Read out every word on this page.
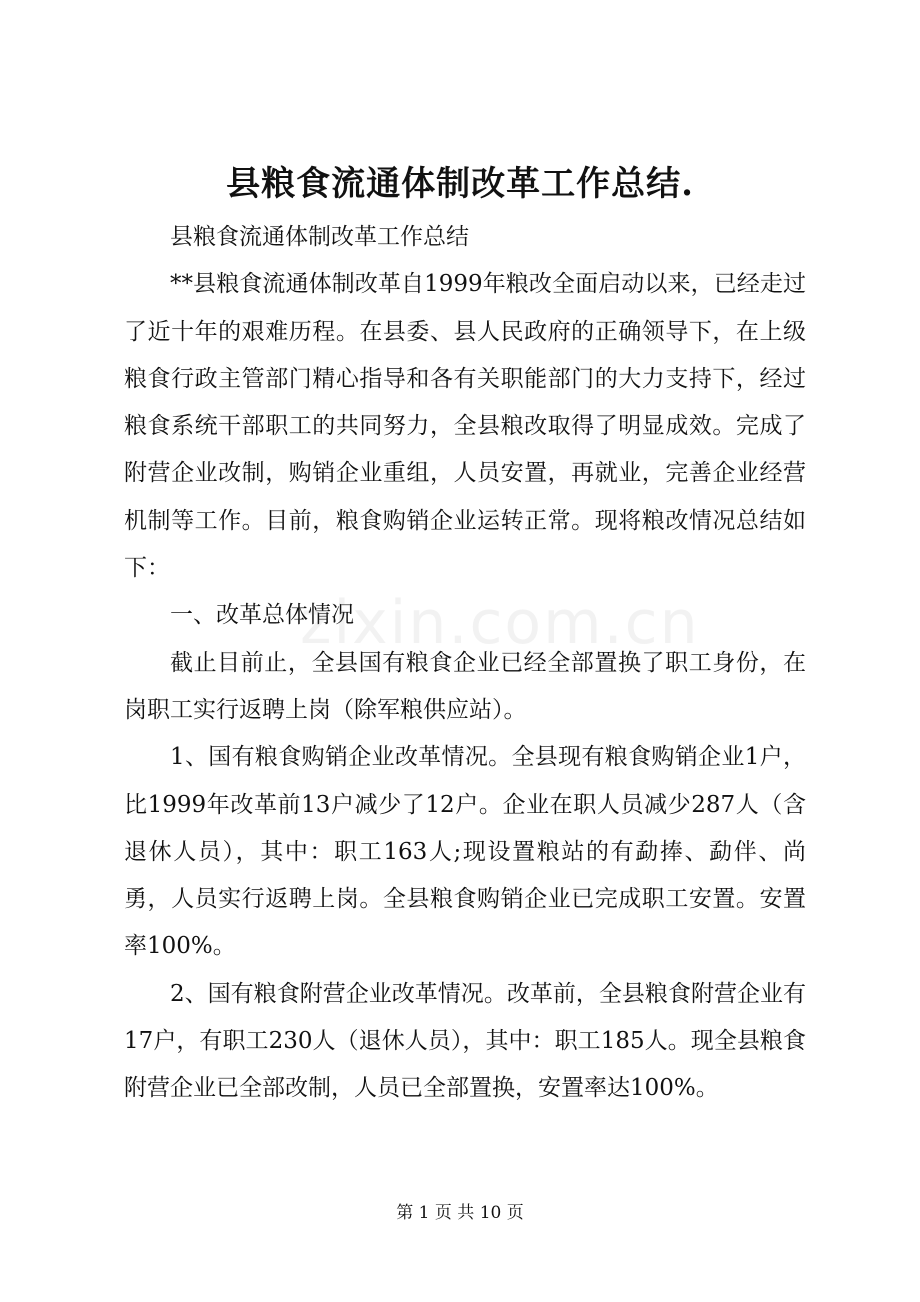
县粮食流通体制改革工作总结.

县粮食流通体制改革工作总结

**县粮食流通体制改革自1999年粮改全面启动以来，已经走过了近十年的艰难历程。在县委、县人民政府的正确领导下，在上级粮食行政主管部门精心指导和各有关职能部门的大力支持下，经过粮食系统干部职工的共同努力，全县粮改取得了明显成效。完成了附营企业改制，购销企业重组，人员安置，再就业，完善企业经营机制等工作。目前，粮食购销企业运转正常。现将粮改情况总结如下：

一、改革总体情况

截止目前止，全县国有粮食企业已经全部置换了职工身份，在岗职工实行返聘上岗（除军粮供应站）。

1、国有粮食购销企业改革情况。全县现有粮食购销企业1户，比1999年改革前13户减少了12户。企业在职人员减少287人（含退休人员），其中：职工163人;现设置粮站的有勐捧、勐伴、尚勇，人员实行返聘上岗。全县粮食购销企业已完成职工安置。安置率100%。

2、国有粮食附营企业改革情况。改革前，全县粮食附营企业有17户，有职工230人（退休人员），其中：职工185人。现全县粮食附营企业已全部改制，人员已全部置换，安置率达100%。

zixin.com.cn
第 1 页 共 10 页
